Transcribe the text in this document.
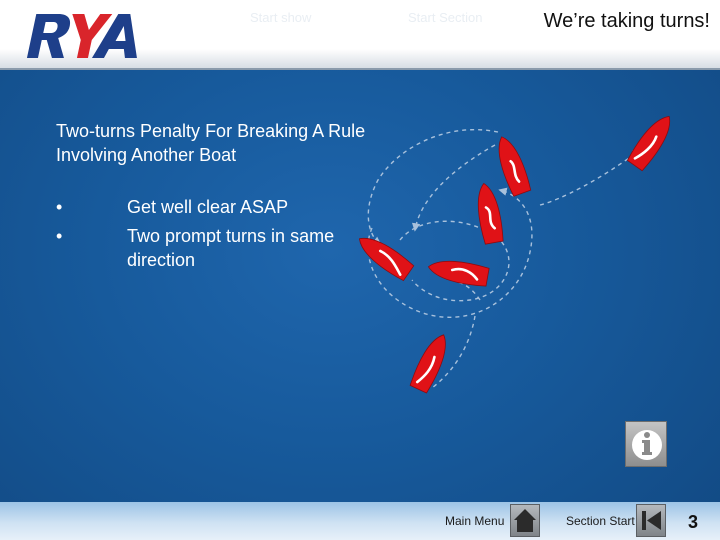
Start show	Start Section	We’re taking turns!
Two-turns Penalty For Breaking A Rule Involving Another Boat
•	Get well clear ASAP
•	Two prompt turns in same direction
Main Menu	Section Start	3
